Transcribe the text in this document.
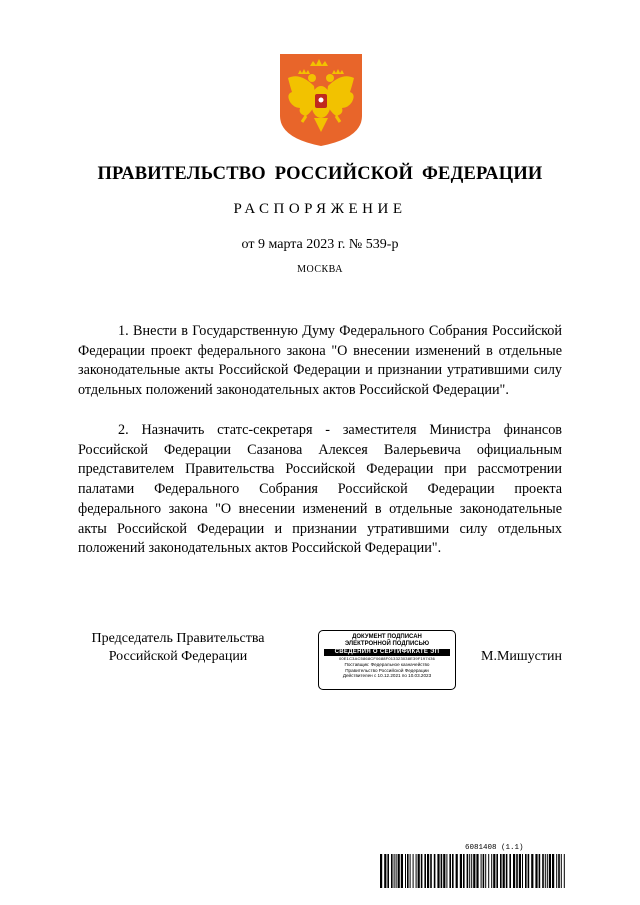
ПРАВИТЕЛЬСТВО РОССИЙСКОЙ ФЕДЕРАЦИИ
РАСПОРЯЖЕНИЕ
от 9 марта 2023 г. № 539-р
МОСКВА

1. Внести в Государственную Думу Федерального Собрания Российской Федерации проект федерального закона "О внесении изменений в отдельные законодательные акты Российской Федерации и признании утратившими силу отдельных положений законодательных актов Российской Федерации".

2. Назначить статс-секретаря - заместителя Министра финансов Российской Федерации Сазанова Алексея Валерьевича официальным представителем Правительства Российской Федерации при рассмотрении палатами Федерального Собрания Российской Федерации проекта федерального закона "О внесении изменений в отдельные законодательные акты Российской Федерации и признании утратившими силу отдельных положений законодательных актов Российской Федерации".

Председатель Правительства
Российской Федерации
ДОКУМЕНТ ПОДПИСАН
ЭЛЕКТРОННОЙ ПОДПИСЬЮ
СВЕДЕНИЯ О СЕРТИФИКАТЕ ЭП
00E1C3AC5868CF0688F013323038E39F197436
Поставщик: Федеральное казначейство
Правительство Российской Федерации
Действителен с 10.12.2021 по 10.03.2023
М.Мишустин
6081408 (1.1)
